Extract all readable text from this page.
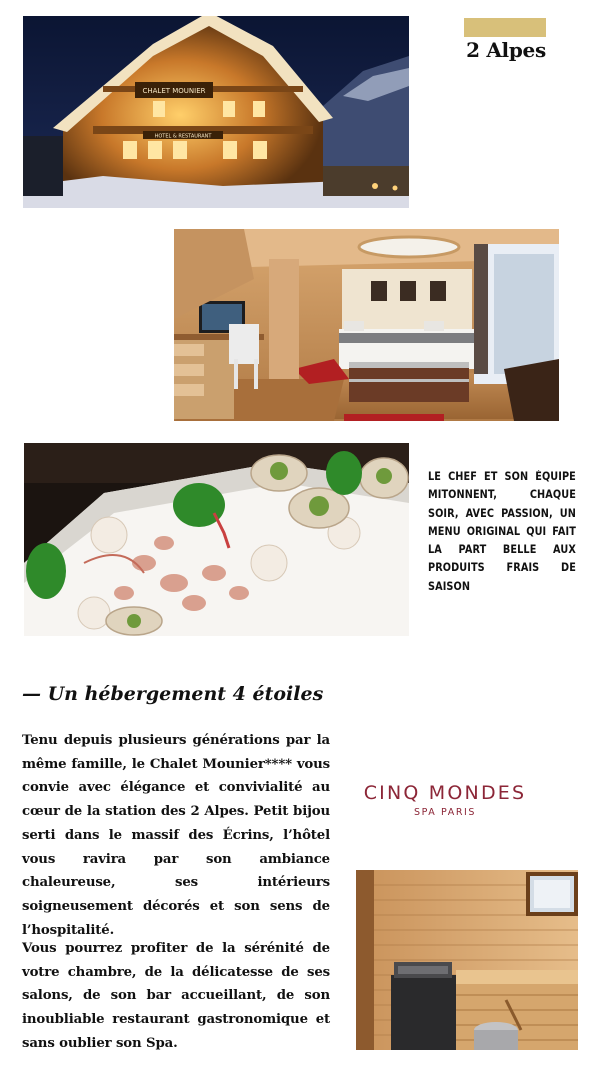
CHALET MOUNIER
HOTEL & RESTAURANT
2 Alpes
LE CHEF ET SON ÉQUIPE MITONNENT, CHAQUE SOIR, AVEC PASSION, UN MENU ORIGINAL QUI FAIT LA PART BELLE AUX PRODUITS FRAIS DE SAISON
— Un hébergement 4 étoiles
Tenu depuis plusieurs générations par la même famille, le Chalet Mounier**** vous convie avec élégance et convivialité au cœur de la station des 2 Alpes. Petit bijou serti dans le massif des Écrins, l’hôtel vous ravira par son ambiance chaleureuse, ses intérieurs soigneusement décorés et son sens de l’hospitalité.
Vous pourrez profiter de la sérénité de votre chambre, de la délicatesse de ses salons, de son bar accueillant, de son inoubliable restaurant gastronomique et sans oublier son Spa.
CINQ MONDES
SPA PARIS
